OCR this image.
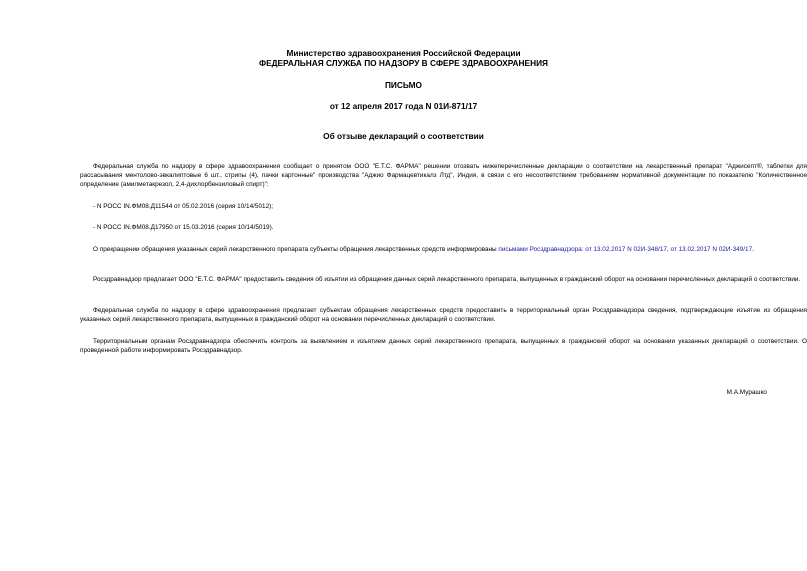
Министерство здравоохранения Российской Федерации
ФЕДЕРАЛЬНАЯ СЛУЖБА ПО НАДЗОРУ В СФЕРЕ ЗДРАВООХРАНЕНИЯ
ПИСЬМО
от 12 апреля 2017 года N 01И-871/17
Об отзыве деклараций о соответствии

Федеральная служба по надзору в сфере здравоохранения сообщает о принятом ООО "Е.Т.С. ФАРМА" решении отозвать нижеперечисленные декларации о соответствии на лекарственный препарат "Аджисепт®, таблетки для рассасывания ментолово-эвкалиптовые 6 шт., стрипы (4), пачки картонные" производства "Аджио Фармацевтикалз Лтд", Индия, в связи с его несоответствием требованиям нормативной документации по показателю "Количественное определение (амилметакрезол, 2,4-дихлорбензиловый спирт)":

- N РОСС IN.ФМ08.Д11544 от 05.02.2016 (серия 10/14/5012);

- N РОСС IN.ФМ08.Д17950 от 15.03.2016 (серия 10/14/5019).

О прекращении обращения указанных серий лекарственного препарата субъекты обращения лекарственных средств информированы письмами Росздравнадзора: от 13.02.2017 N 02И-348/17, от 13.02.2017 N 02И-349/17.

Росздравнадзор предлагает ООО "Е.Т.С. ФАРМА" предоставить сведения об изъятии из обращения данных серий лекарственного препарата, выпущенных в гражданский оборот на основании перечисленных деклараций о соответствии.

Федеральная служба по надзору в сфере здравоохранения предлагает субъектам обращения лекарственных средств предоставить в территориальный орган Росздравнадзора сведения, подтверждающие изъятие из обращения указанных серий лекарственного препарата, выпущенных в гражданский оборот на основании перечисленных деклараций о соответствии.

Территориальным органам Росздравнадзора обеспечить контроль за выявлением и изъятием данных серий лекарственного препарата, выпущенных в гражданский оборот на основании указанных деклараций о соответствии. О проведенной работе информировать Росздравнадзор.

М.А.Мурашко
